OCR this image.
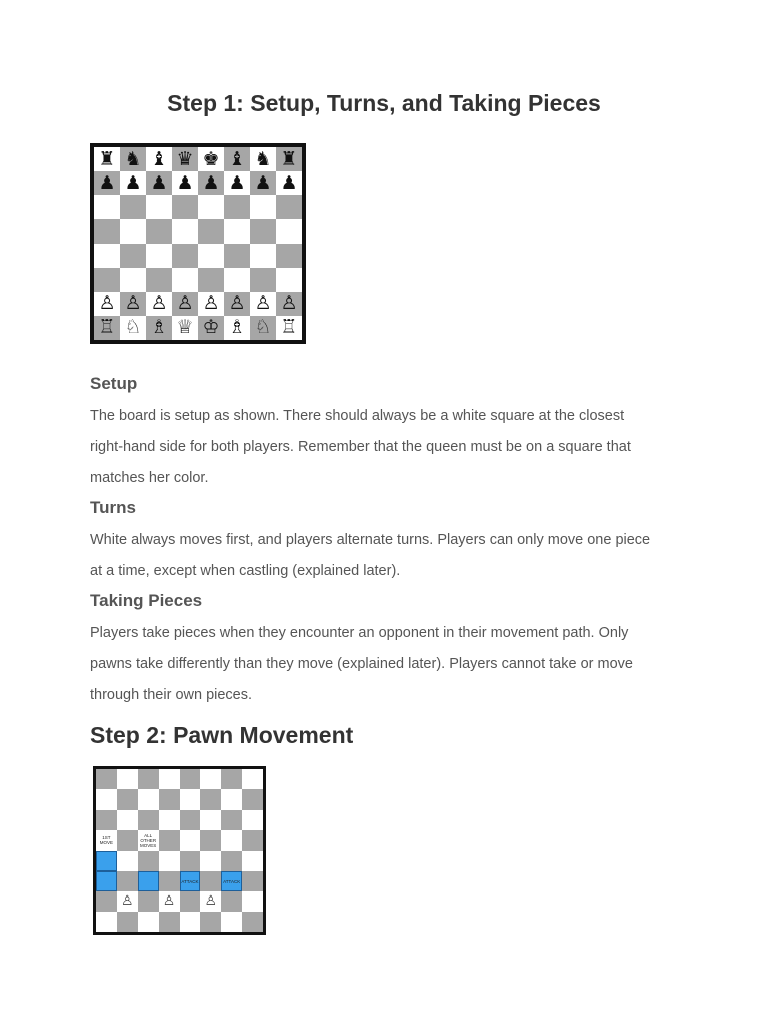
Step 1: Setup, Turns, and Taking Pieces
♜ ♞ ♝ ♛ ♚ ♝ ♞ ♜
♟ ♟ ♟ ♟ ♟ ♟ ♟ ♟
♙ ♙ ♙ ♙ ♙ ♙ ♙ ♙
♖ ♘ ♗ ♕ ♔ ♗ ♘ ♖
Setup
The board is setup as shown. There should always be a white square at the closest
right-hand side for both players. Remember that the queen must be on a square that
matches her color.
Turns
White always moves first, and players alternate turns. Players can only move one piece
at a time, except when castling (explained later).
Taking Pieces
Players take pieces when they encounter an opponent in their movement path. Only
pawns take differently than they move (explained later). Players cannot take or move
through their own pieces.
Step 2: Pawn Movement
1ST MOVE
ALL OTHER MOVES
ATTACK	ATTACK
♙ ♙ ♙
